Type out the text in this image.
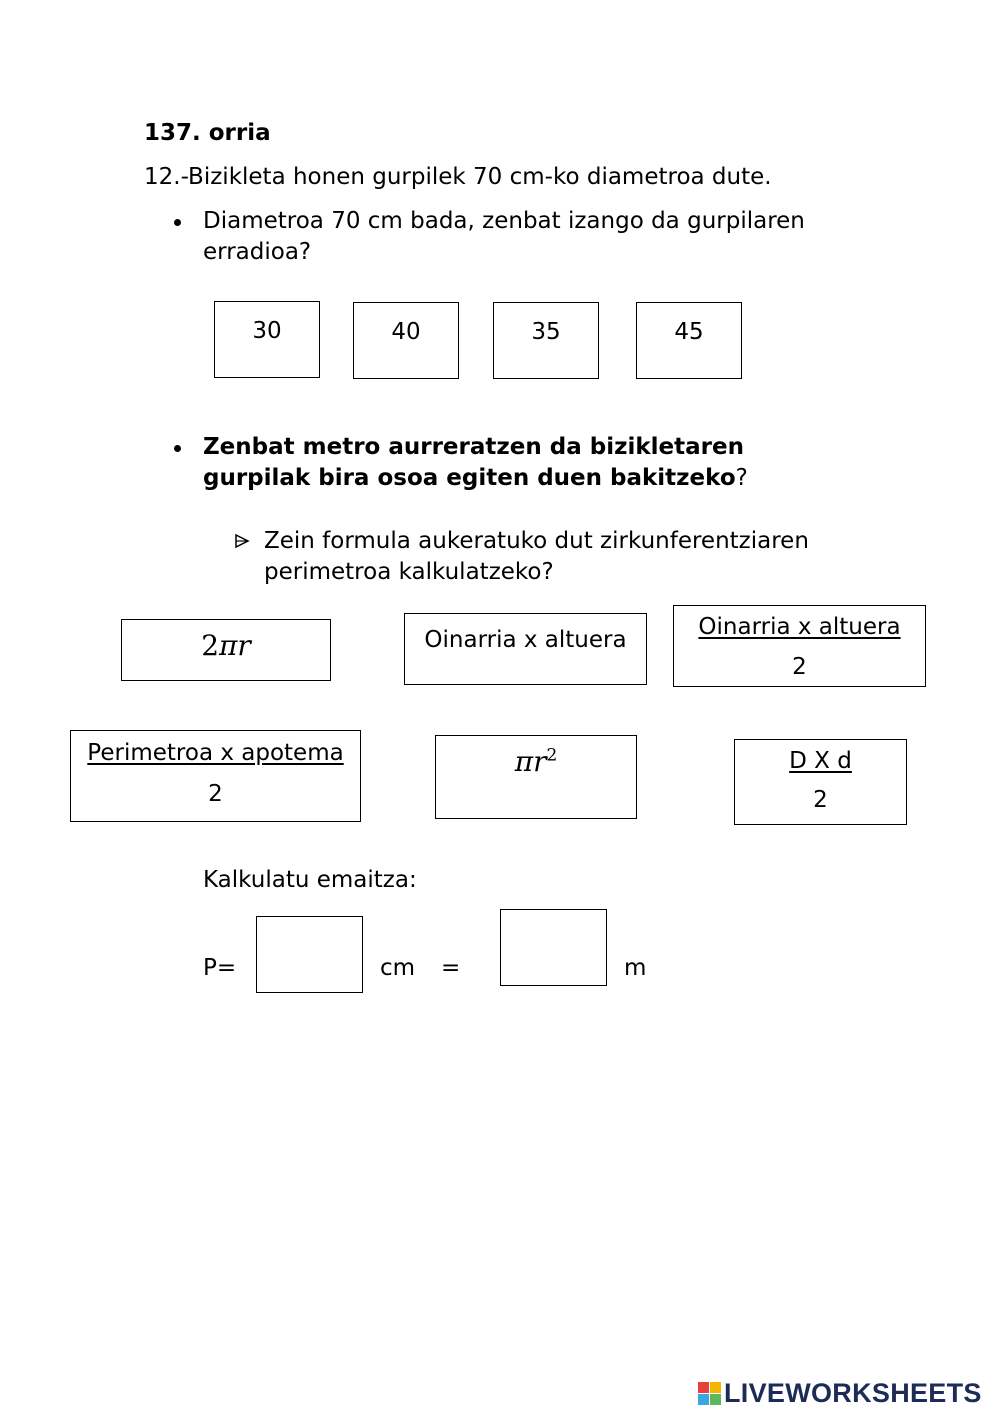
137. orria
12.-Bizikleta honen gurpilek 70 cm-ko diametroa dute.
Diametroa 70 cm bada, zenbat izango da gurpilaren
erradioa?
30	40	35	45
Zenbat metro aurreratzen da bizikletaren
gurpilak bira osoa egiten duen bakitzeko?
Zein formula aukeratuko dut zirkunferentziaren
perimetroa kalkulatzeko?
2πr	Oinarria x altuera	Oinarria x altuera
2
Perimetroa x apotema
2
$\pi r^2$	$\frac{\text{D X d}}{2}$
Kalkulatu emaitza:
P=	cm =	m
LIVEWORKSHEETS
